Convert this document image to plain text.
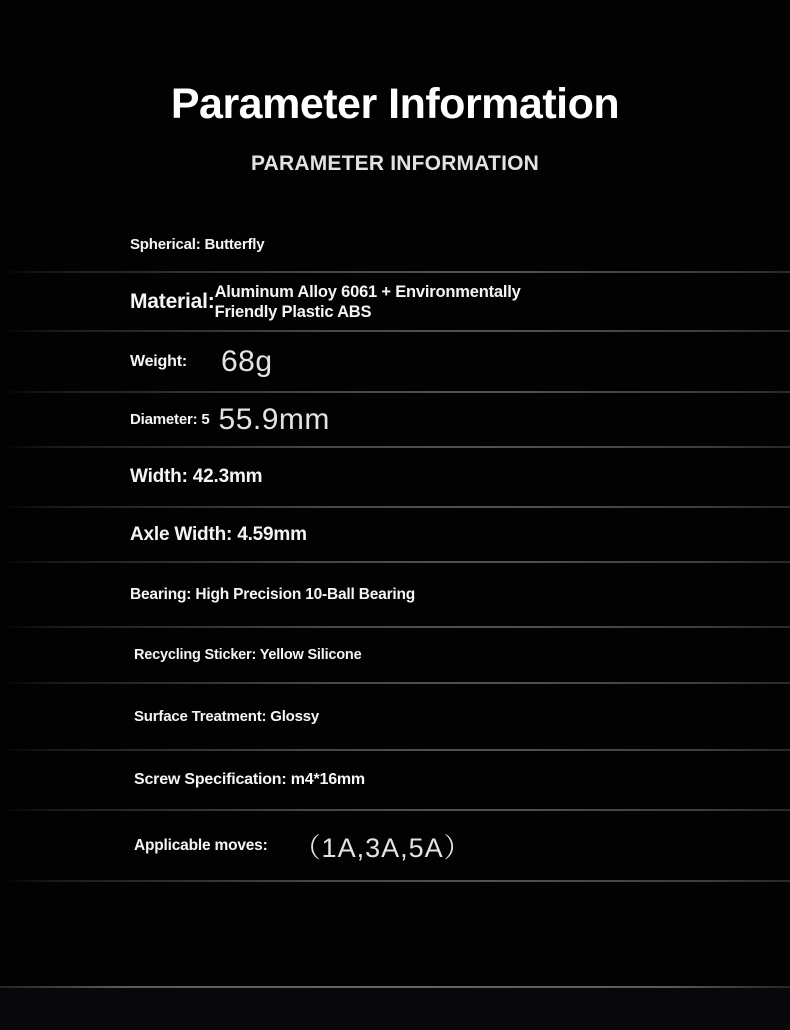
Parameter Information
PARAMETER INFORMATION
Spherical: Butterfly
Material: Aluminum Alloy 6061 + Environmentally Friendly Plastic ABS
Weight: 68g
Diameter: 5 55.9mm
Width: 42.3mm
Axle Width: 4.59mm
Bearing: High Precision 10-Ball Bearing
Recycling Sticker: Yellow Silicone
Surface Treatment: Glossy
Screw Specification: m4*16mm
Applicable moves: （1A,3A,5A）
